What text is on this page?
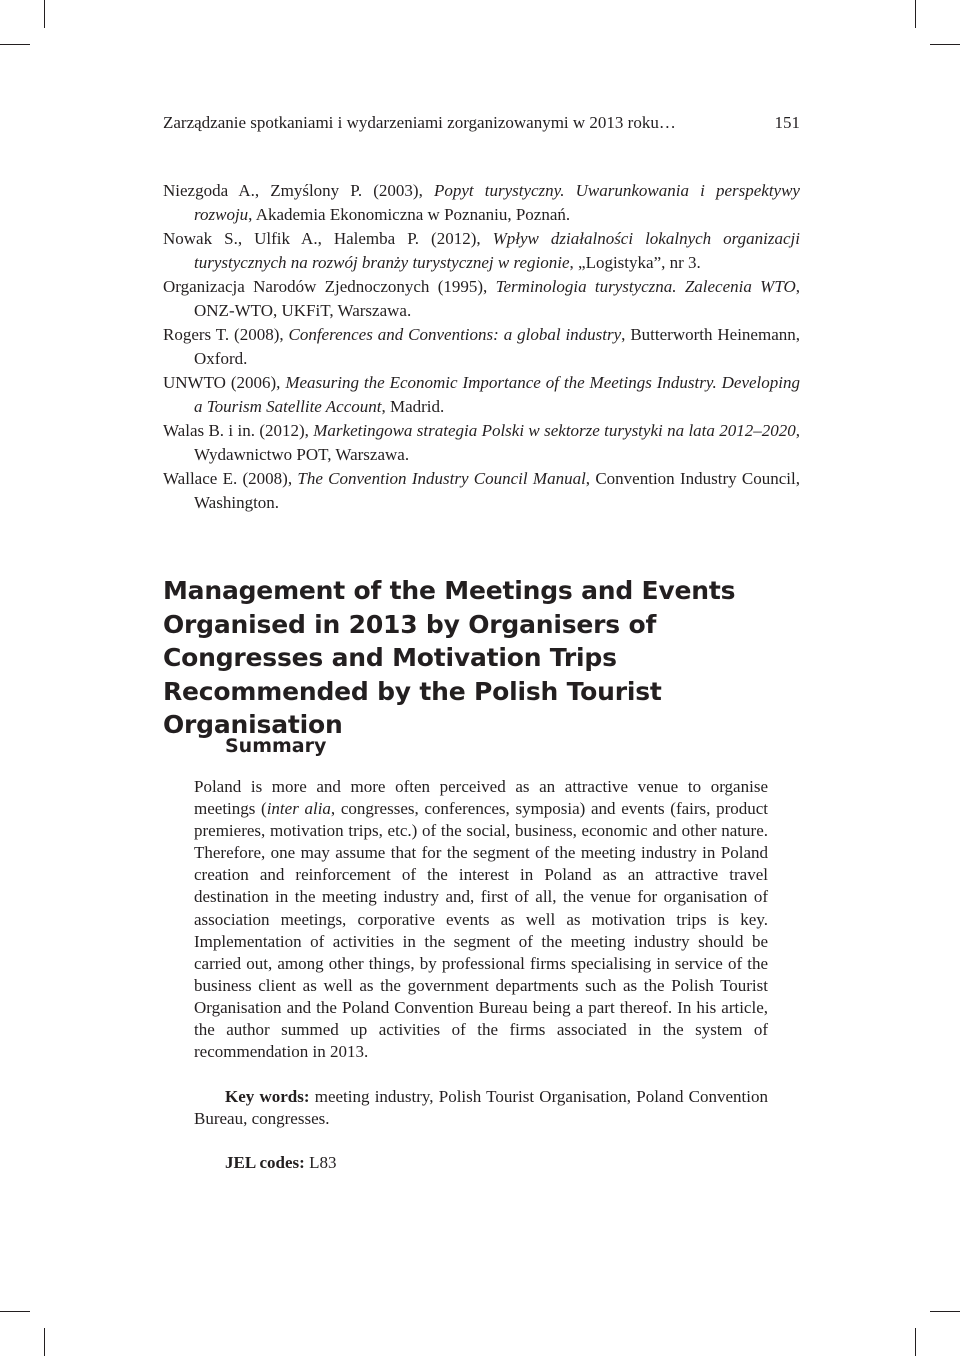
Zarządzanie spotkaniami i wydarzeniami zorganizowanymi w 2013 roku…	151

Niezgoda A., Zmyślony P. (2003), Popyt turystyczny. Uwarunkowania i perspektywy rozwoju, Akademia Ekonomiczna w Poznaniu, Poznań.

Nowak S., Ulfik A., Halemba P. (2012), Wpływ działalności lokalnych organizacji turystycznych na rozwój branży turystycznej w regionie, „Logistyka”, nr 3.

Organizacja Narodów Zjednoczonych (1995), Terminologia turystyczna. Zalecenia WTO, ONZ-WTO, UKFiT, Warszawa.

Rogers T. (2008), Conferences and Conventions: a global industry, Butterworth Heinemann, Oxford.

UNWTO (2006), Measuring the Economic Importance of the Meetings Industry. Developing a Tourism Satellite Account, Madrid.

Walas B. i in. (2012), Marketingowa strategia Polski w sektorze turystyki na lata 2012–2020, Wydawnictwo POT, Warszawa.

Wallace E. (2008), The Convention Industry Council Manual, Convention Industry Council, Washington.

Management of the Meetings and Events Organised in 2013 by Organisers of Congresses and Motivation Trips Recommended by the Polish Tourist Organisation
Summary

Poland is more and more often perceived as an attractive venue to organise meetings (inter alia, congresses, conferences, symposia) and events (fairs, product premieres, motivation trips, etc.) of the social, business, economic and other nature. Therefore, one may assume that for the segment of the meeting industry in Poland creation and reinforcement of the interest in Poland as an attractive travel destination in the meeting industry and, first of all, the venue for organisation of association meetings, corporative events as well as motivation trips is key. Implementation of activities in the segment of the meeting industry should be carried out, among other things, by professional firms specialising in service of the business client as well as the government departments such as the Polish Tourist Organisation and the Poland Convention Bureau being a part thereof. In his article, the author summed up activities of the firms associated in the system of recommendation in 2013.

Key words: meeting industry, Polish Tourist Organisation, Poland Convention Bureau, congresses.

JEL codes: L83
